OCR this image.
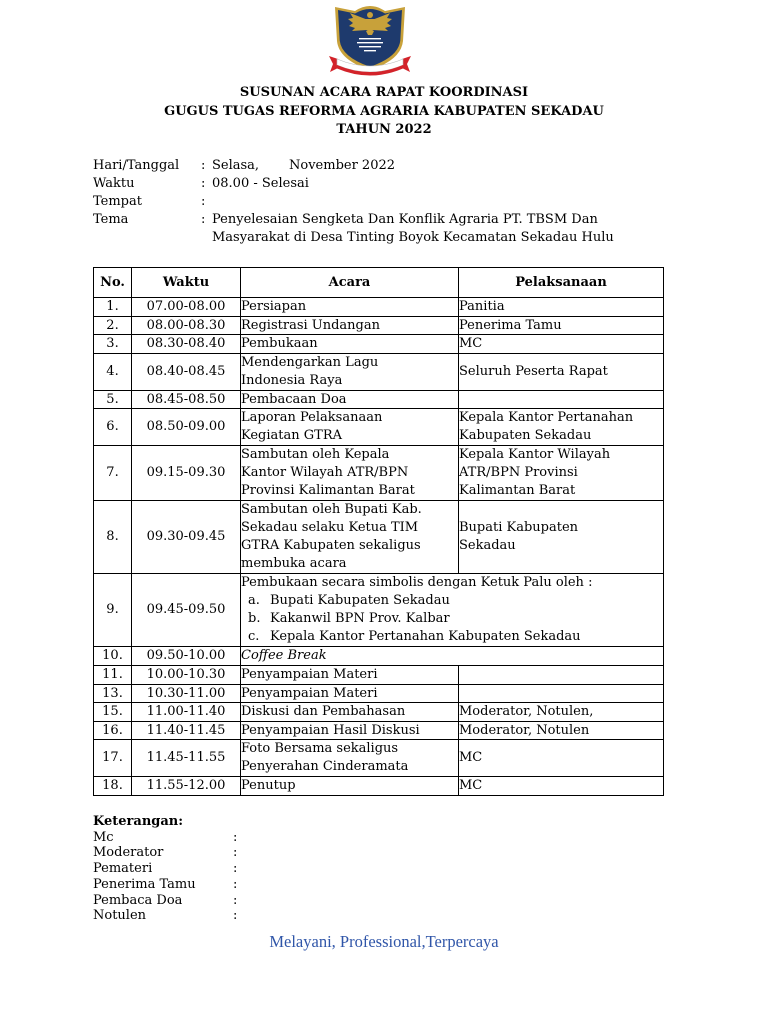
SUSUNAN ACARA RAPAT KOORDINASI
GUGUS TUGAS REFORMA AGRARIA KABUPATEN SEKADAU
TAHUN 2022
Hari/Tanggal	: Selasa, November 2022
Waktu	: 08.00 - Selesai
Tempat	:
Tema	: Penyelesaian Sengketa Dan Konflik Agraria PT. TBSM Dan
Masyarakat di Desa Tinting Boyok Kecamatan Sekadau Hulu
No.	Waktu	Acara	Pelaksanaan
1.	07.00-08.00	Persiapan	Panitia

2.	08.00-08.30	Registrasi Undangan	Penerima Tamu

3.	08.30-08.40	Pembukaan	MC

4.	08.40-08.45	Mendengarkan Lagu
Indonesia Raya	Seluruh Peserta Rapat

5.	08.45-08.50	Pembacaan Doa	

6.	08.50-09.00	Laporan Pelaksanaan
Kegiatan GTRA	Kepala Kantor Pertanahan
Kabupaten Sekadau

7.	09.15-09.30	Sambutan oleh Kepala
Kantor Wilayah ATR/BPN
Provinsi Kalimantan Barat	Kepala Kantor Wilayah
ATR/BPN Provinsi
Kalimantan Barat

8.	09.30-09.45	Sambutan oleh Bupati Kab.
Sekadau selaku Ketua TIM
GTRA Kabupaten sekaligus
membuka acara	Bupati Kabupaten
Sekadau

9.	09.45-09.50	Pembukaan secara simbolis dengan Ketuk Palu oleh :
a. Bupati Kabupaten Sekadau
b. Kakanwil BPN Prov. Kalbar
c. Kepala Kantor Pertanahan Kabupaten Sekadau	

10.	09.50-10.00	Coffee Break	

11.	10.00-10.30	Penyampaian Materi	

13.	10.30-11.00	Penyampaian Materi	

15.	11.00-11.40	Diskusi dan Pembahasan	Moderator, Notulen,

16.	11.40-11.45	Penyampaian Hasil Diskusi	Moderator, Notulen

17.	11.45-11.55	Foto Bersama sekaligus
Penyerahan Cinderamata	MC

18.	11.55-12.00	Penutup	MC
Keterangan:
Mc	:
Moderator	:
Pemateri	:
Penerima Tamu	:
Pembaca Doa	:
Notulen	:
Melayani, Professional,Terpercaya
